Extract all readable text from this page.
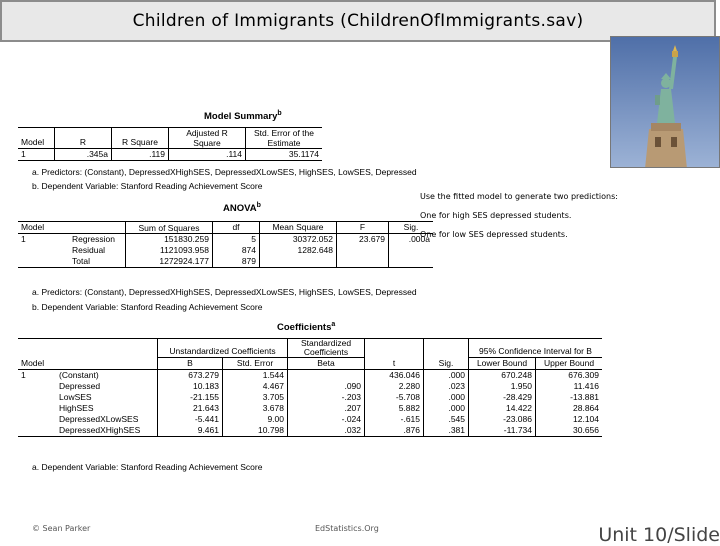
Children of Immigrants (ChildrenOfImmigrants.sav)
Model Summary$^b$
Model	R	R Square	Adjusted R Square	Std. Error of the Estimate
1	.345a	.119	.114	35.1174
a. Predictors: (Constant), DepressedXHighSES, DepressedXLowSES, HighSES, LowSES, Depressed
b. Dependent Variable: Stanford Reading Achievement Score
Use the fitted model to generate two predictions:
One for high SES depressed students.
One for low SES depressed students.
ANOVA$^b$
Model		Sum of Squares	df	Mean Square	F	Sig.
1	Regression	151830.259	5	30372.052	23.679	.000a
	Residual	1121093.958	874	1282.648		
	Total	1272924.177	879			
a. Predictors: (Constant), DepressedXHighSES, DepressedXLowSES, HighSES, LowSES, Depressed
b. Dependent Variable: Stanford Reading Achievement Score
Coefficients$^a$
		Unstandardized Coefficients		Standardized Coefficients			95% Confidence Interval for B	
Model		B	Std. Error	Beta	t	Sig.	Lower Bound	Upper Bound
1	(Constant)	673.279	1.544		436.046	.000	670.248	676.309
	Depressed	10.183	4.467	.090	2.280	.023	1.950	11.416
	LowSES	-21.155	3.705	-.203	-5.708	.000	-28.429	-13.881
	HighSES	21.643	3.678	.207	5.882	.000	14.422	28.864
	DepressedXLowSES	-5.441	9.00	-.024	-.615	.545	-23.086	12.104
	DepressedXHighSES	9.461	10.798	.032	.876	.381	-11.734	30.656
a. Dependent Variable: Stanford Reading Achievement Score
© Sean Parker	EdStatistics.Org	Unit 10/Slide
